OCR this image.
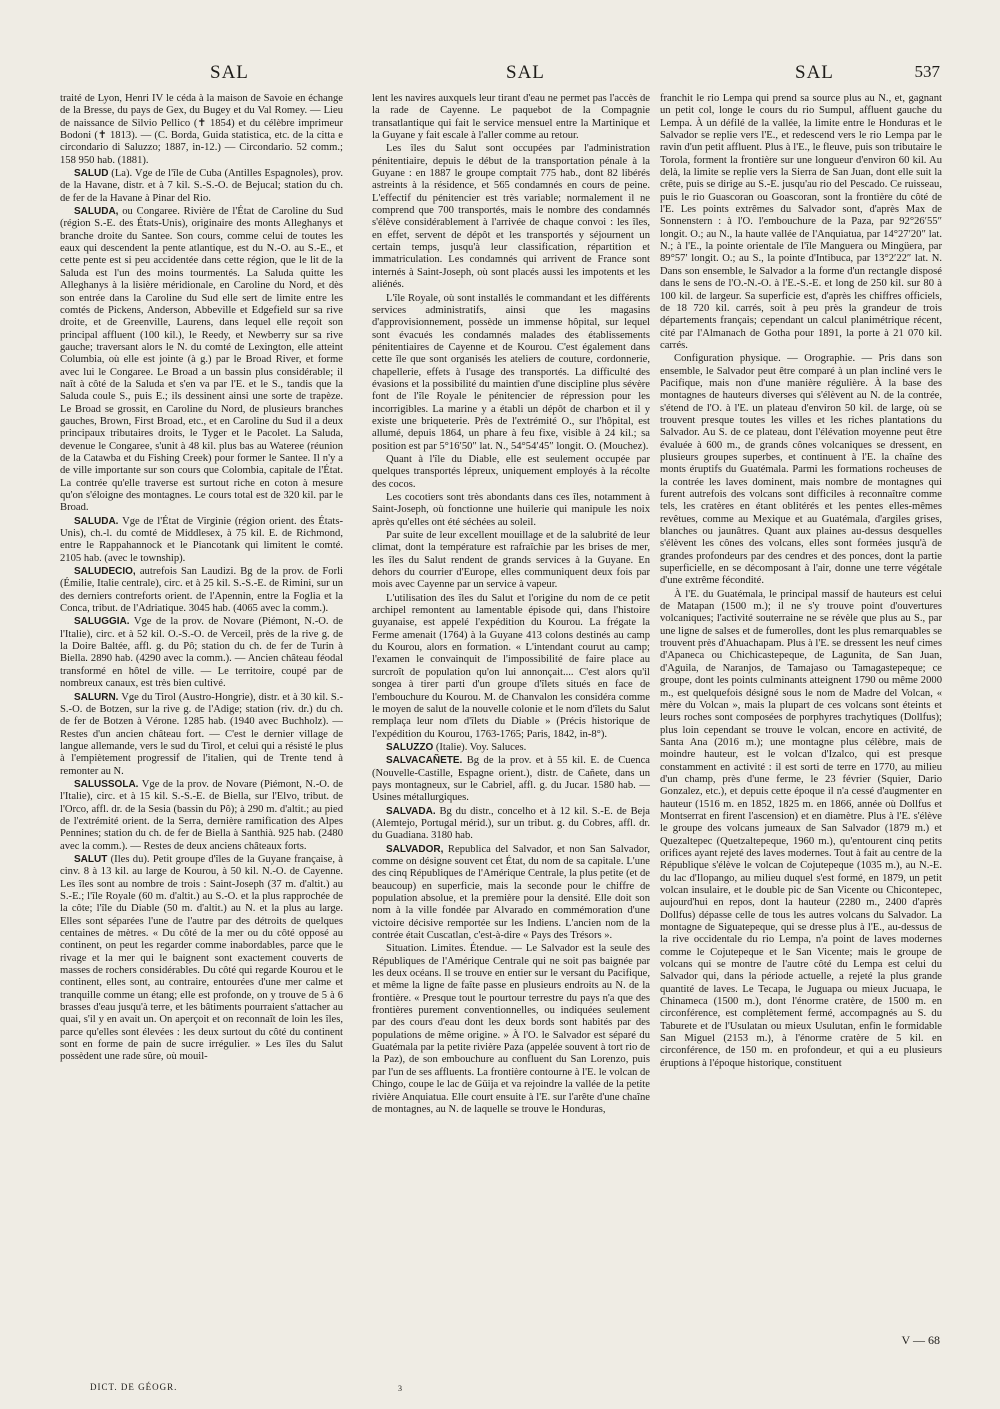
SAL	SAL	SAL	537

traité de Lyon, Henri IV le céda à la maison de Savoie en échange de la Bresse, du pays de Gex, du Bugey et du Val Romey. — Lieu de naissance de Silvio Pellico (✝ 1854) et du célèbre imprimeur Bodoni (✝ 1813). — (C. Borda, Guida statistica, etc. de la citta e circondario di Saluzzo; 1887, in-12.) — Circondario. 52 comm.; 158 950 hab. (1881).

SALUD (La). Vge de l'île de Cuba (Antilles Espagnoles), prov. de la Havane, distr. et à 7 kil. S.-S.-O. de Bejucal; station du ch. de fer de la Havane à Pinar del Rio.

SALUDA, ou Congaree. Rivière de l'État de Caroline du Sud (région S.-E. des États-Unis), originaire des monts Alleghanys et branche droite du Santee. Son cours, comme celui de toutes les eaux qui descendent la pente atlantique, est du N.-O. au S.-E., et cette pente est si peu accidentée dans cette région, que le lit de la Saluda est l'un des moins tourmentés. La Saluda quitte les Alleghanys à la lisière méridionale, en Caroline du Nord, et dès son entrée dans la Caroline du Sud elle sert de limite entre les comtés de Pickens, Anderson, Abbeville et Edgefield sur sa rive droite, et de Greenville, Laurens, dans lequel elle reçoit son principal affluent (100 kil.), le Reedy, et Newberry sur sa rive gauche; traversant alors le N. du comté de Lexington, elle atteint Columbia, où elle est jointe (à g.) par le Broad River, et forme avec lui le Congaree. Le Broad a un bassin plus considérable; il naît à côté de la Saluda et s'en va par l'E. et le S., tandis que la Saluda coule S., puis E.; ils dessinent ainsi une sorte de trapèze. Le Broad se grossit, en Caroline du Nord, de plusieurs branches gauches, Brown, First Broad, etc., et en Caroline du Sud il a deux principaux tributaires droits, le Tyger et le Pacolet. La Saluda, devenue le Congaree, s'unit à 48 kil. plus bas au Wateree (réunion de la Catawba et du Fishing Creek) pour former le Santee. Il n'y a de ville importante sur son cours que Colombia, capitale de l'État. La contrée qu'elle traverse est surtout riche en coton à mesure qu'on s'éloigne des montagnes. Le cours total est de 320 kil. par le Broad.

SALUDA. Vge de l'État de Virginie (région orient. des États-Unis), ch.-l. du comté de Middlesex, à 75 kil. E. de Richmond, entre le Rappahannock et le Piancotank qui limitent le comté. 2105 hab. (avec le township).

SALUDECIO, autrefois San Laudizi. Bg de la prov. de Forli (Émilie, Italie centrale), circ. et à 25 kil. S.-S.-E. de Rimini, sur un des derniers contreforts orient. de l'Apennin, entre la Foglia et la Conca, tribut. de l'Adriatique. 3045 hab. (4065 avec la comm.).

SALUGGIA. Vge de la prov. de Novare (Piémont, N.-O. de l'Italie), circ. et à 52 kil. O.-S.-O. de Verceil, près de la rive g. de la Doire Baltée, affl. g. du Pô; station du ch. de fer de Turin à Biella. 2890 hab. (4290 avec la comm.). — Ancien château féodal transformé en hôtel de ville. — Le territoire, coupé par de nombreux canaux, est très bien cultivé.

SALURN. Vge du Tirol (Austro-Hongrie), distr. et à 30 kil. S.-S.-O. de Botzen, sur la rive g. de l'Adige; station (riv. dr.) du ch. de fer de Botzen à Vérone. 1285 hab. (1940 avec Buchholz). — Restes d'un ancien château fort. — C'est le dernier village de langue allemande, vers le sud du Tirol, et celui qui a résisté le plus à l'empiètement progressif de l'italien, qui de Trente tend à remonter au N.

SALUSSOLA. Vge de la prov. de Novare (Piémont, N.-O. de l'Italie), circ. et à 15 kil. S.-S.-E. de Biella, sur l'Elvo, tribut. de l'Orco, affl. dr. de la Sesia (bassin du Pô); à 290 m. d'altit.; au pied de l'extrémité orient. de la Serra, dernière ramification des Alpes Pennines; station du ch. de fer de Biella à Santhià. 925 hab. (2480 avec la comm.). — Restes de deux anciens châteaux forts.

SALUT (Iles du). Petit groupe d'îles de la Guyane française, à cinv. 8 à 13 kil. au large de Kourou, à 50 kil. N.-O. de Cayenne. Les îles sont au nombre de trois : Saint-Joseph (37 m. d'altit.) au S.-E.; l'île Royale (60 m. d'altit.) au S.-O. et la plus rapprochée de la côte; l'île du Diable (50 m. d'altit.) au N. et la plus au large. Elles sont séparées l'une de l'autre par des détroits de quelques centaines de mètres. « Du côté de la mer ou du côté opposé au continent, on peut les regarder comme inabordables, parce que le rivage et la mer qui le baignent sont exactement couverts de masses de rochers considérables. Du côté qui regarde Kourou et le continent, elles sont, au contraire, entourées d'une mer calme et tranquille comme un étang; elle est profonde, on y trouve de 5 à 6 brasses d'eau jusqu'à terre, et les bâtiments pourraient s'attacher au quai, s'il y en avait un. On aperçoit et on reconnaît de loin les îles, parce qu'elles sont élevées : les deux surtout du côté du continent sont en forme de pain de sucre irrégulier. » Les îles du Salut possèdent une rade sûre, où mouil-

lent les navires auxquels leur tirant d'eau ne permet pas l'accès de la rade de Cayenne. Le paquebot de la Compagnie transatlantique qui fait le service mensuel entre la Martinique et la Guyane y fait escale à l'aller comme au retour.

Les îles du Salut sont occupées par l'administration pénitentiaire, depuis le début de la transportation pénale à la Guyane : en 1887 le groupe comptait 775 hab., dont 82 libérés astreints à la résidence, et 565 condamnés en cours de peine. L'effectif du pénitencier est très variable; normalement il ne comprend que 700 transportés, mais le nombre des condamnés s'élève considérablement à l'arrivée de chaque convoi : les îles, en effet, servent de dépôt et les transportés y séjournent un certain temps, jusqu'à leur classification, répartition et immatriculation. Les condamnés qui arrivent de France sont internés à Saint-Joseph, où sont placés aussi les impotents et les aliénés.

L'île Royale, où sont installés le commandant et les différents services administratifs, ainsi que les magasins d'approvisionnement, possède un immense hôpital, sur lequel sont évacués les condamnés malades des établissements pénitentiaires de Cayenne et de Kourou. C'est également dans cette île que sont organisés les ateliers de couture, cordonnerie, chapellerie, effets à l'usage des transportés. La difficulté des évasions et la possibilité du maintien d'une discipline plus sévère font de l'île Royale le pénitencier de répression pour les incorrigibles. La marine y a établi un dépôt de charbon et il y existe une briqueterie. Près de l'extrémité O., sur l'hôpital, est allumé, depuis 1864, un phare à feu fixe, visible à 24 kil.; sa position est par 5°16′50″ lat. N., 54°54′45″ longit. O. (Mouchez).

Quant à l'île du Diable, elle est seulement occupée par quelques transportés lépreux, uniquement employés à la récolte des cocos.

Les cocotiers sont très abondants dans ces îles, notamment à Saint-Joseph, où fonctionne une huilerie qui manipule les noix après qu'elles ont été séchées au soleil.

Par suite de leur excellent mouillage et de la salubrité de leur climat, dont la température est rafraîchie par les brises de mer, les îles du Salut rendent de grands services à la Guyane. En dehors du courrier d'Europe, elles communiquent deux fois par mois avec Cayenne par un service à vapeur.

L'utilisation des îles du Salut et l'origine du nom de ce petit archipel remontent au lamentable épisode qui, dans l'histoire guyanaise, est appelé l'expédition du Kourou. La frégate la Ferme amenait (1764) à la Guyane 413 colons destinés au camp du Kourou, alors en formation. « L'intendant courut au camp; l'examen le convainquit de l'impossibilité de faire place au surcroît de population qu'on lui annonçait.... C'est alors qu'il songea à tirer parti d'un groupe d'îlets situés en face de l'embouchure du Kourou. M. de Chanvalon les considéra comme le moyen de salut de la nouvelle colonie et le nom d'îlets du Salut remplaça leur nom d'îlets du Diable » (Précis historique de l'expédition du Kourou, 1763-1765; Paris, 1842, in-8°).

SALUZZO (Italie). Voy. Saluces.

SALVACAÑETE. Bg de la prov. et à 55 kil. E. de Cuenca (Nouvelle-Castille, Espagne orient.), distr. de Cañete, dans un pays montagneux, sur le Cabriel, affl. g. du Jucar. 1580 hab. — Usines métallurgiques.

SALVADA. Bg du distr., concelho et à 12 kil. S.-E. de Beja (Alemtejo, Portugal mérid.), sur un tribut. g. du Cobres, affl. dr. du Guadiana. 3180 hab.

SALVADOR, Republica del Salvador, et non San Salvador, comme on désigne souvent cet État, du nom de sa capitale. L'une des cinq Républiques de l'Amérique Centrale, la plus petite (et de beaucoup) en superficie, mais la seconde pour le chiffre de population absolue, et la première pour la densité. Elle doit son nom à la ville fondée par Alvarado en commémoration d'une victoire décisive remportée sur les Indiens. L'ancien nom de la contrée était Cuscatlan, c'est-à-dire « Pays des Trésors ».

Situation. Limites. Étendue. — Le Salvador est la seule des Républiques de l'Amérique Centrale qui ne soit pas baignée par les deux océans. Il se trouve en entier sur le versant du Pacifique, et même la ligne de faîte passe en plusieurs endroits au N. de la frontière. « Presque tout le pourtour terrestre du pays n'a que des frontières purement conventionnelles, ou indiquées seulement par des cours d'eau dont les deux bords sont habités par des populations de même origine. » À l'O. le Salvador est séparé du Guatémala par la petite rivière Paza (appelée souvent à tort rio de la Paz), de son embouchure au confluent du San Lorenzo, puis par l'un de ses affluents. La frontière contourne à l'E. le volcan de Chingo, coupe le lac de Güija et va rejoindre la vallée de la petite rivière Anquiatua. Elle court ensuite à l'E. sur l'arête d'une chaîne de montagnes, au N. de laquelle se trouve le Honduras,

franchit le rio Lempa qui prend sa source plus au N., et, gagnant un petit col, longe le cours du rio Sumpul, affluent gauche du Lempa. À un défilé de la vallée, la limite entre le Honduras et le Salvador se replie vers l'E., et redescend vers le rio Lempa par le ravin d'un petit affluent. Plus à l'E., le fleuve, puis son tributaire le Torola, forment la frontière sur une longueur d'environ 60 kil. Au delà, la limite se replie vers la Sierra de San Juan, dont elle suit la crête, puis se dirige au S.-E. jusqu'au rio del Pescado. Ce ruisseau, puis le rio Guascoran ou Goascoran, sont la frontière du côté de l'E. Les points extrêmes du Salvador sont, d'après Max de Sonnenstern : à l'O. l'embouchure de la Paza, par 92°26′55″ longit. O.; au N., la haute vallée de l'Anquiatua, par 14°27′20″ lat. N.; à l'E., la pointe orientale de l'île Manguera ou Mingüera, par 89°57′ longit. O.; au S., la pointe d'Intibuca, par 13°2′22″ lat. N. Dans son ensemble, le Salvador a la forme d'un rectangle disposé dans le sens de l'O.-N.-O. à l'E.-S.-E. et long de 250 kil. sur 80 à 100 kil. de largeur. Sa superficie est, d'après les chiffres officiels, de 18 720 kil. carrés, soit à peu près la grandeur de trois départements français; cependant un calcul planimétrique récent, cité par l'Almanach de Gotha pour 1891, la porte à 21 070 kil. carrés.

Configuration physique. — Orographie. — Pris dans son ensemble, le Salvador peut être comparé à un plan incliné vers le Pacifique, mais non d'une manière régulière. À la base des montagnes de hauteurs diverses qui s'élèvent au N. de la contrée, s'étend de l'O. à l'E. un plateau d'environ 50 kil. de large, où se trouvent presque toutes les villes et les riches plantations du Salvador. Au S. de ce plateau, dont l'élévation moyenne peut être évaluée à 600 m., de grands cônes volcaniques se dressent, en plusieurs groupes superbes, et continuent à l'E. la chaîne des monts éruptifs du Guatémala. Parmi les formations rocheuses de la contrée les laves dominent, mais nombre de montagnes qui furent autrefois des volcans sont difficiles à reconnaître comme tels, les cratères en étant oblitérés et les pentes elles-mêmes revêtues, comme au Mexique et au Guatémala, d'argiles grises, blanches ou jaunâtres. Quant aux plaines au-dessus desquelles s'élèvent les cônes des volcans, elles sont formées jusqu'à de grandes profondeurs par des cendres et des ponces, dont la partie superficielle, en se décomposant à l'air, donne une terre végétale d'une extrême fécondité.

À l'E. du Guatémala, le principal massif de hauteurs est celui de Matapan (1500 m.); il ne s'y trouve point d'ouvertures volcaniques; l'activité souterraine ne se révèle que plus au S., par une ligne de salses et de fumerolles, dont les plus remarquables se trouvent près d'Ahuachapam. Plus à l'E. se dressent les neuf cimes d'Apaneca ou Chichicastepeque, de Lagunita, de San Juan, d'Aguila, de Naranjos, de Tamajaso ou Tamagastepeque; ce groupe, dont les points culminants atteignent 1790 ou même 2000 m., est quelquefois désigné sous le nom de Madre del Volcan, « mère du Volcan », mais la plupart de ces volcans sont éteints et leurs roches sont composées de porphyres trachytiques (Dollfus); plus loin cependant se trouve le volcan, encore en activité, de Santa Ana (2016 m.); une montagne plus célèbre, mais de moindre hauteur, est le volcan d'Izalco, qui est presque constamment en activité : il est sorti de terre en 1770, au milieu d'un champ, près d'une ferme, le 23 février (Squier, Dario Gonzalez, etc.), et depuis cette époque il n'a cessé d'augmenter en hauteur (1516 m. en 1852, 1825 m. en 1866, année où Dollfus et Montserrat en firent l'ascension) et en diamètre. Plus à l'E. s'élève le groupe des volcans jumeaux de San Salvador (1879 m.) et Quezaltepec (Quetzaltepeque, 1960 m.), qu'entourent cinq petits orifices ayant rejeté des laves modernes. Tout à fait au centre de la République s'élève le volcan de Cojutepeque (1035 m.), au N.-E. du lac d'Ilopango, au milieu duquel s'est formé, en 1879, un petit volcan insulaire, et le double pic de San Vicente ou Chicontepec, aujourd'hui en repos, dont la hauteur (2280 m., 2400 d'après Dollfus) dépasse celle de tous les autres volcans du Salvador. La montagne de Siguatepeque, qui se dresse plus à l'E., au-dessus de la rive occidentale du rio Lempa, n'a point de laves modernes comme le Cojutepeque et le San Vicente; mais le groupe de volcans qui se montre de l'autre côté du Lempa est celui du Salvador qui, dans la période actuelle, a rejeté la plus grande quantité de laves. Le Tecapa, le Juguapa ou mieux Jucuapa, le Chinameca (1500 m.), dont l'énorme cratère, de 1500 m. en circonférence, est complètement fermé, accompagnés au S. du Taburete et de l'Usulatan ou mieux Usulutan, enfin le formidable San Miguel (2153 m.), à l'énorme cratère de 5 kil. en circonférence, de 150 m. en profondeur, et qui a eu plusieurs éruptions à l'époque historique, constituent

DICT. DE GÉOGR.	3
V — 68
